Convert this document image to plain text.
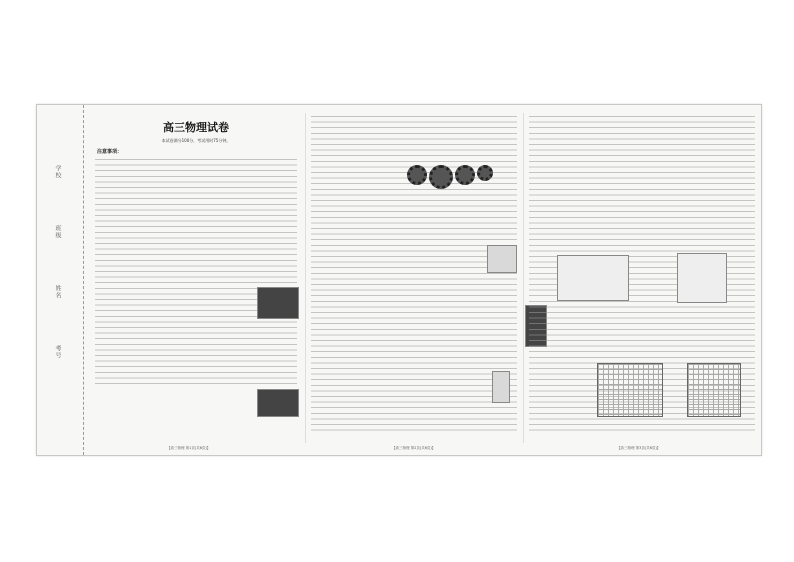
学校
班级
姓名
考号
高三物理试卷
本试卷满分100分，考试用时75分钟。
注意事项：
【高三物理 第1页(共6页)】	【高三物理 第2页(共6页)】	【高三物理 第3页(共6页)】
